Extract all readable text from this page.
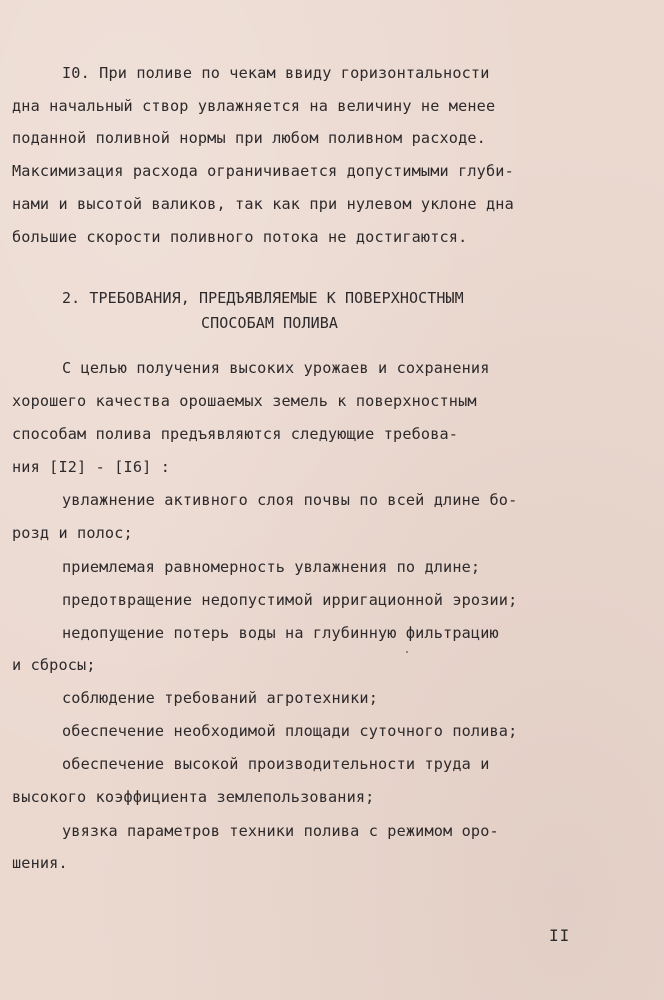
I0. При поливе по чекам ввиду горизонтальности
дна начальный створ увлажняется на величину не менее
поданной поливной нормы при любом поливном расходе.
Максимизация расхода ограничивается допустимыми глуби-
нами и высотой валиков, так как при нулевом уклоне дна
большие скорости поливного потока не достигаются.
2. ТРЕБОВАНИЯ, ПРЕДЪЯВЛЯЕМЫЕ К ПОВЕРХНОСТНЫМ
СПОСОБАМ ПОЛИВА
С целью получения высоких урожаев и сохранения
хорошего качества орошаемых земель к поверхностным
способам полива предъявляются следующие требова-
ния [I2] - [I6] :
увлажнение активного слоя почвы по всей длине бо-
розд и полос;
приемлемая равномерность увлажнения по длине;
предотвращение недопустимой ирригационной эрозии;
недопущение потерь воды на глубинную фильтрацию
и сбросы;
соблюдение требований агротехники;
обеспечение необходимой площади суточного полива;
обеспечение высокой производительности труда и
высокого коэффициента землепользования;
увязка параметров техники полива с режимом оро-
шения.
II
